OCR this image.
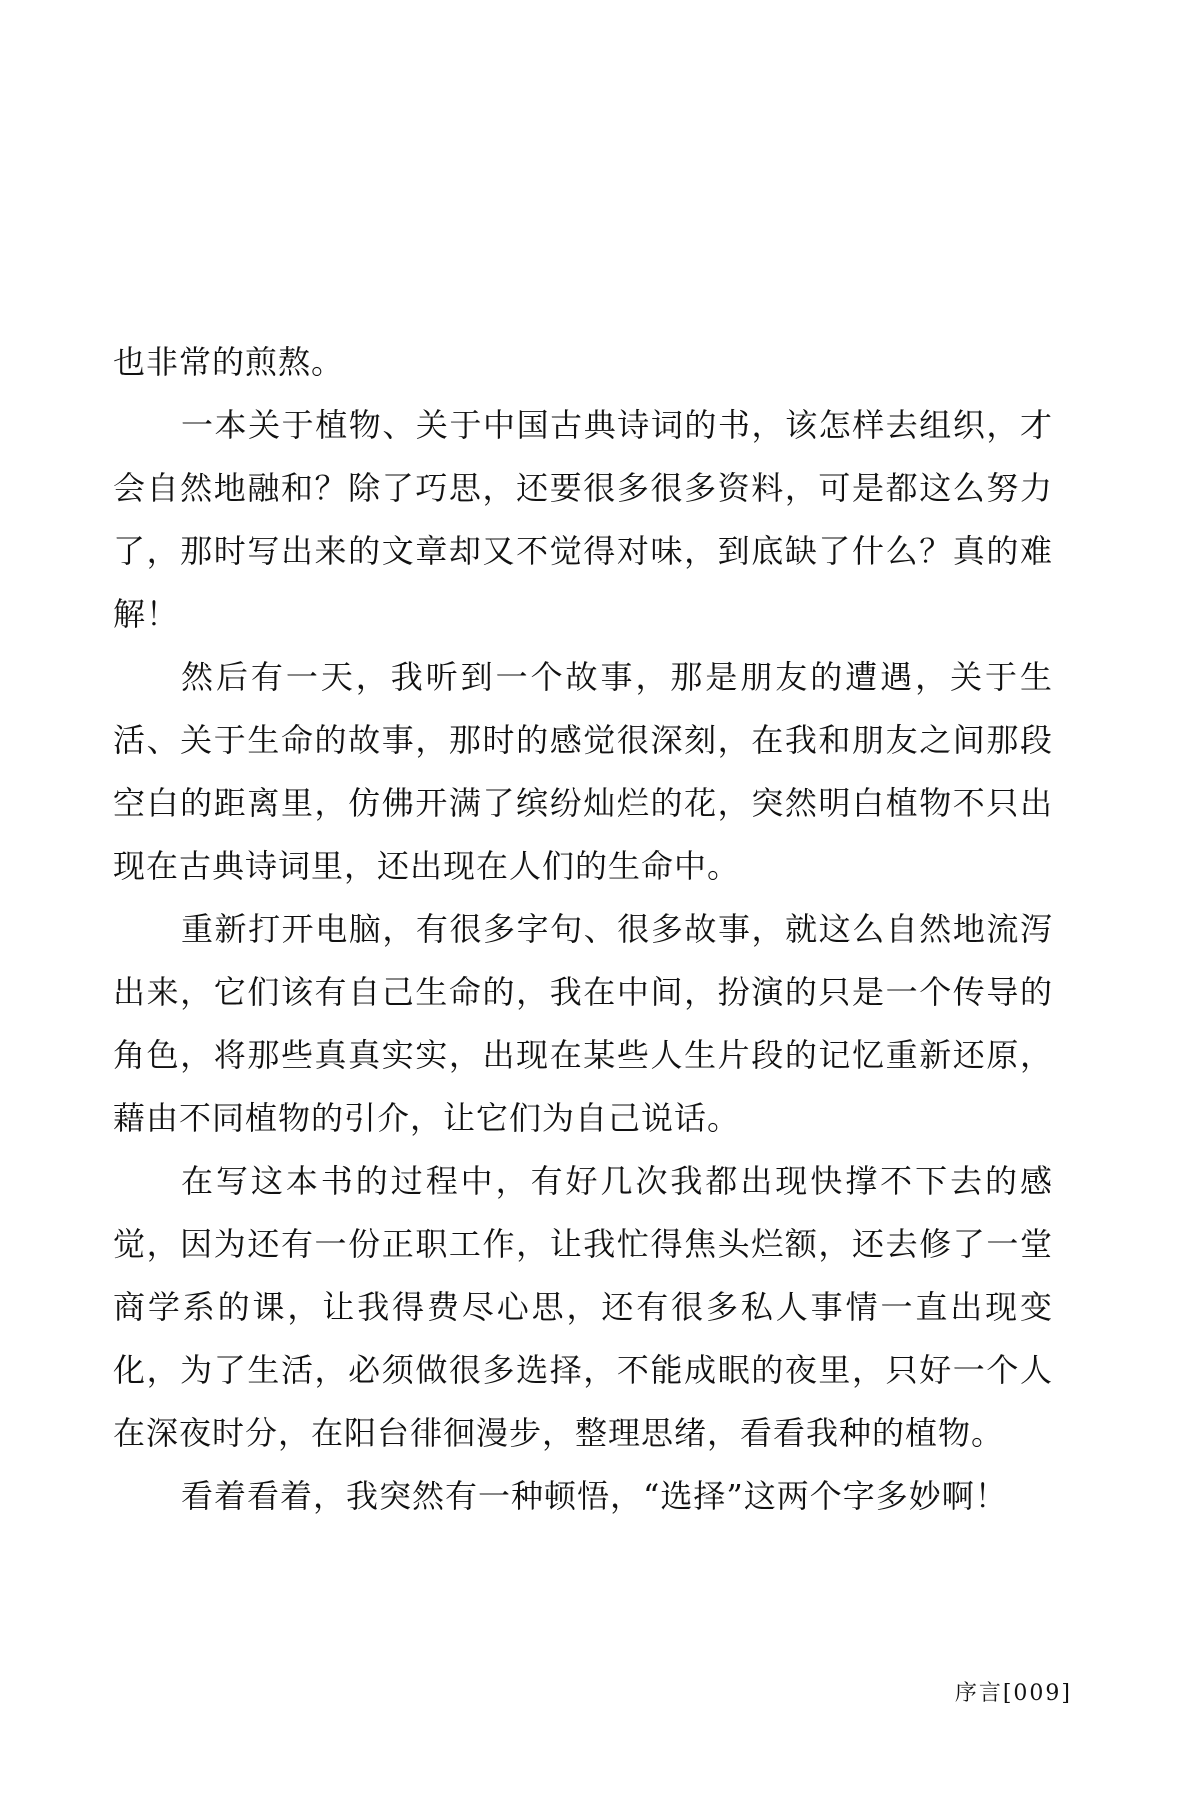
也非常的煎熬。
一本关于植物、关于中国古典诗词的书，该怎样去组织，才
会自然地融和？除了巧思，还要很多很多资料，可是都这么努力
了，那时写出来的文章却又不觉得对味，到底缺了什么？真的难
解！
然后有一天，我听到一个故事，那是朋友的遭遇，关于生
活、关于生命的故事，那时的感觉很深刻，在我和朋友之间那段
空白的距离里，仿佛开满了缤纷灿烂的花，突然明白植物不只出
现在古典诗词里，还出现在人们的生命中。
重新打开电脑，有很多字句、很多故事，就这么自然地流泻
出来，它们该有自己生命的，我在中间，扮演的只是一个传导的
角色，将那些真真实实，出现在某些人生片段的记忆重新还原，
藉由不同植物的引介，让它们为自己说话。
在写这本书的过程中，有好几次我都出现快撑不下去的感
觉，因为还有一份正职工作，让我忙得焦头烂额，还去修了一堂
商学系的课，让我得费尽心思，还有很多私人事情一直出现变
化，为了生活，必须做很多选择，不能成眠的夜里，只好一个人
在深夜时分，在阳台徘徊漫步，整理思绪，看看我种的植物。
看着看着，我突然有一种顿悟，“选择”这两个字多妙啊！
序言[009]
